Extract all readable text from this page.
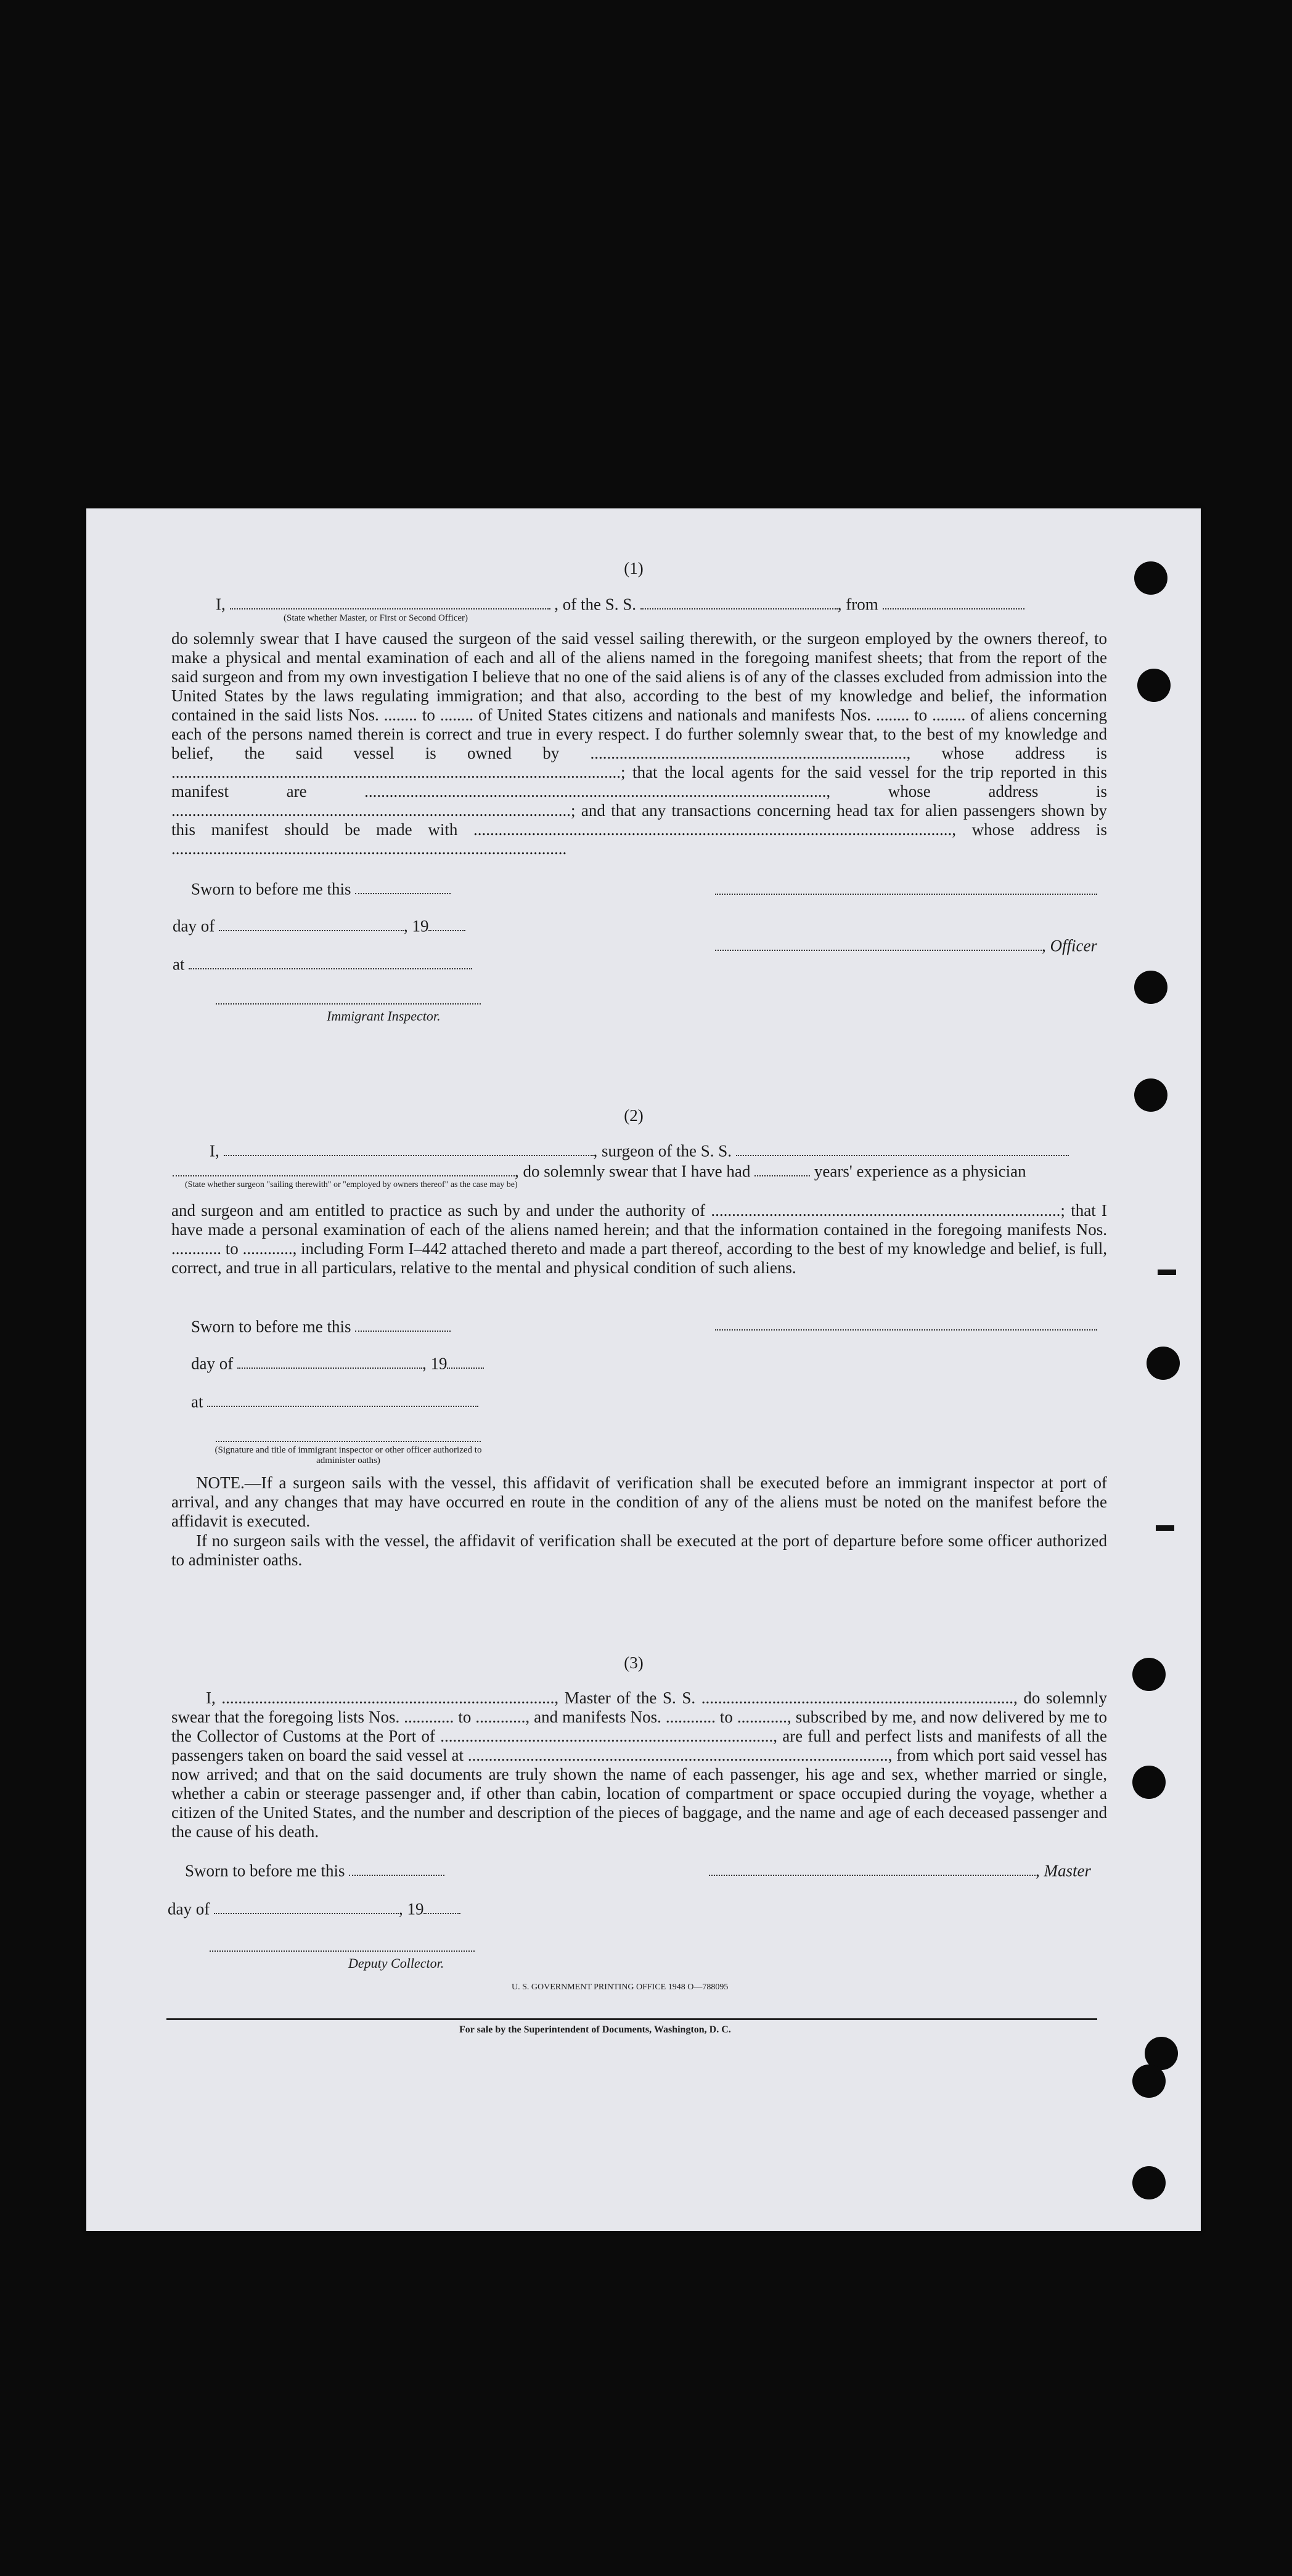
(1)
I,	, of the S. S.	, from
(State whether Master, or First or Second Officer)
do solemnly swear that I have caused the surgeon of the said vessel sailing therewith, or the surgeon employed by the owners thereof, to make a physical and mental examination of each and all of the aliens named in the foregoing manifest sheets; that from the report of the said surgeon and from my own investigation I believe that no one of the said aliens is of any of the classes excluded from admission into the United States by the laws regulating immigration; and that also, according to the best of my knowledge and belief, the information contained in the said lists Nos. ........ to ........ of United States citizens and nationals and manifests Nos. ........ to ........ of aliens concerning each of the persons named therein is correct and true in every respect. I do further solemnly swear that, to the best of my knowledge and belief, the said vessel is owned by ............................................................................, whose address is ............................................................................................................; that the local agents for the said vessel for the trip reported in this manifest are ..............................................................................................................., whose address is ................................................................................................; and that any transactions concerning head tax for alien passengers shown by this manifest should be made with ..................................................................................................................., whose address is ...............................................................................................
Sworn to before me this
day of	, 19
, Officer
at
Immigrant Inspector.
(2)
I,	, surgeon of the S. S.
, do solemnly swear that I have had	years' experience as a physician
(State whether surgeon "sailing therewith" or "employed by owners thereof" as the case may be)
and surgeon and am entitled to practice as such by and under the authority of ....................................................................................; that I have made a personal examination of each of the aliens named herein; and that the information contained in the foregoing manifests Nos. ............ to ............, including Form I–442 attached thereto and made a part thereof, according to the best of my knowledge and belief, is full, correct, and true in all particulars, relative to the mental and physical condition of such aliens.
Sworn to before me this
day of	, 19
at
(Signature and title of immigrant inspector or other officer authorized to administer oaths)
NOTE.—If a surgeon sails with the vessel, this affidavit of verification shall be executed before an immigrant inspector at port of arrival, and any changes that may have occurred en route in the condition of any of the aliens must be noted on the manifest before the affidavit is executed.
If no surgeon sails with the vessel, the affidavit of verification shall be executed at the port of departure before some officer authorized to administer oaths.
(3)
I, ................................................................................, Master of the S. S. ..........................................................................., do solemnly swear that the foregoing lists Nos. ............ to ............, and manifests Nos. ............ to ............, subscribed by me, and now delivered by me to the Collector of Customs at the Port of ................................................................................, are full and perfect lists and manifests of all the passengers taken on board the said vessel at ....................................................................................................., from which port said vessel has now arrived; and that on the said documents are truly shown the name of each passenger, his age and sex, whether married or single, whether a cabin or steerage passenger and, if other than cabin, location of compartment or space occupied during the voyage, whether a citizen of the United States, and the number and description of the pieces of baggage, and the name and age of each deceased passenger and the cause of his death.
Sworn to before me this	, Master
day of	, 19
Deputy Collector.
U. S. GOVERNMENT PRINTING OFFICE 1948 O—788095
For sale by the Superintendent of Documents, Washington, D. C.
